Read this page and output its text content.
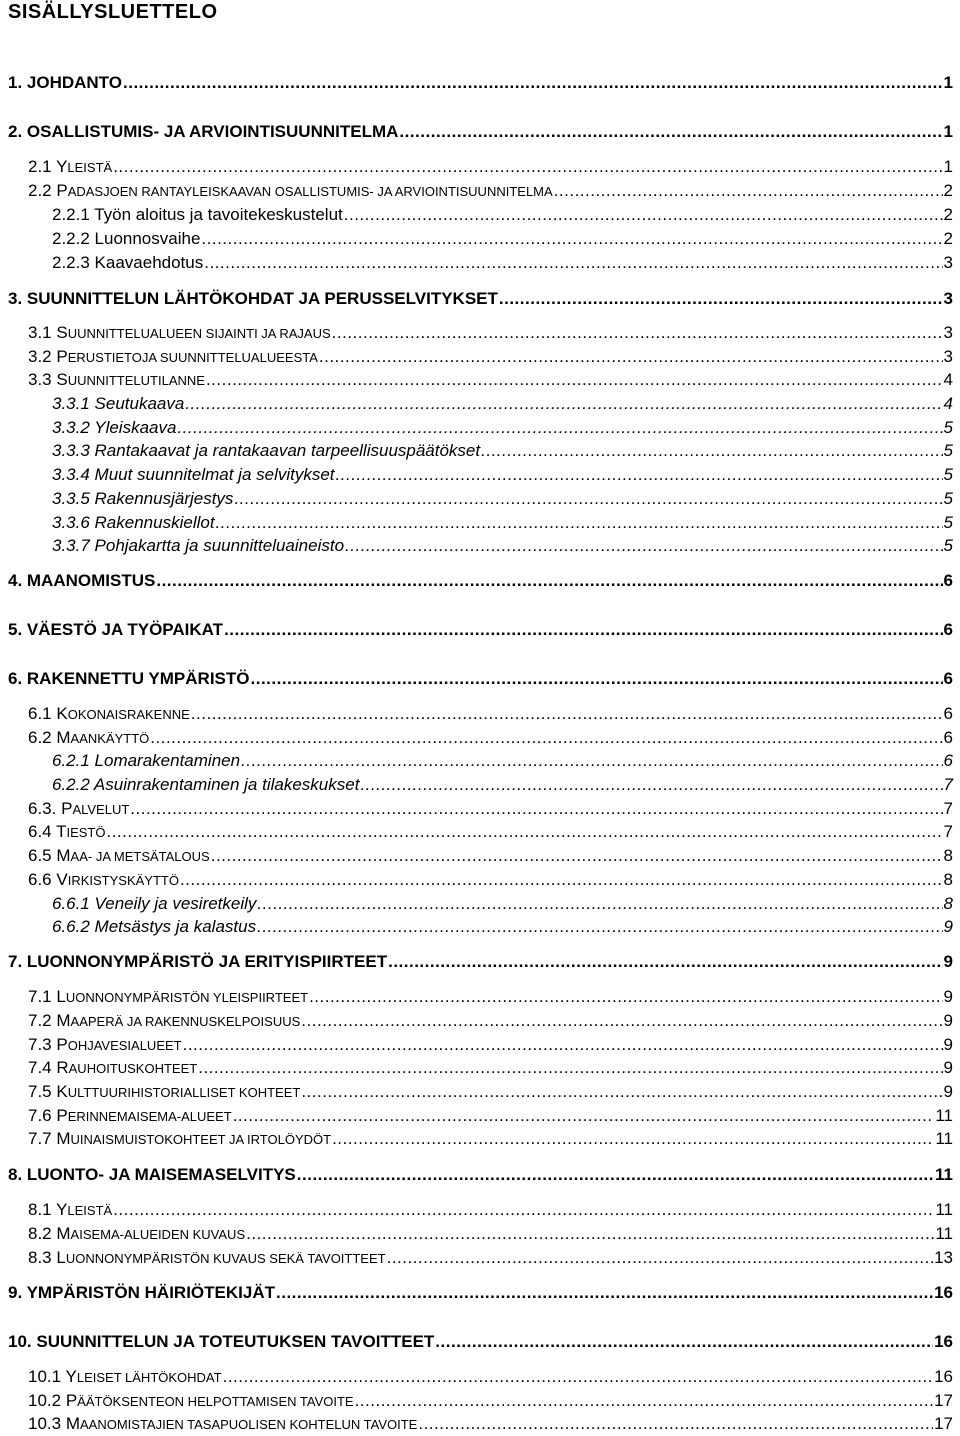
SISÄLLYSLUETTELO
1. JOHDANTO .....	1
2. OSALLISTUMIS- JA ARVIOINTISUUNNITELMA .....	1
2.1 YLEISTÄ .....	1
2.2 PADASJOEN RANTAYLEISKAAVAN OSALLISTUMIS- JA ARVIOINTISUUNNITELMA .....	2
2.2.1 Työn aloitus ja tavoitekeskustelut .....	2
2.2.2 Luonnosvaihe .....	2
2.2.3 Kaavaehdotus .....	3
3. SUUNNITTELUN LÄHTÖKOHDAT JA PERUSSELVITYKSET .....	3
3.1 SUUNNITTELUALUEEN SIJAINTI JA RAJAUS .....	3
3.2 PERUSTIETOJA SUUNNITTELUALUEESTA .....	3
3.3 SUUNNITTELUTILANNE .....	4
3.3.1 Seutukaava .....	4
3.3.2 Yleiskaava .....	5
3.3.3 Rantakaavat ja rantakaavan tarpeellisuuspäätökset .....	5
3.3.4 Muut suunnitelmat ja selvitykset .....	5
3.3.5 Rakennusjärjestys .....	5
3.3.6 Rakennuskiellot .....	5
3.3.7 Pohjakartta ja suunnitteluaineisto .....	5
4. MAANOMISTUS .....	6
5. VÄESTÖ JA TYÖPAIKAT .....	6
6. RAKENNETTU YMPÄRISTÖ .....	6
6.1 KOKONAISRAKENNE .....	6
6.2 MAANKÄYTTÖ .....	6
6.2.1 Lomarakentaminen .....	6
6.2.2 Asuinrakentaminen ja tilakeskukset .....	7
6.3. PALVELUT .....	7
6.4 TIESTÖ .....	7
6.5 MAA- JA METSÄTALOUS .....	8
6.6 VIRKISTYSKÄYTTÖ .....	8
6.6.1 Veneily ja vesiretkeily .....	8
6.6.2 Metsästys ja kalastus .....	9
7. LUONNONYMPÄRISTÖ JA ERITYISPIIRTEET .....	9
7.1 LUONNONYMPÄRISTÖN YLEISPIIRTEET .....	9
7.2 MAAPERÄ JA RAKENNUSKELPOISUUS .....	9
7.3 POHJAVESIALUEET .....	9
7.4 RAUHOITUSKOHTEET .....	9
7.5 KULTTUURIHISTORIALLISET KOHTEET .....	9
7.6 PERINNEMAISEMA-ALUEET .....	11
7.7 MUINAISMUISTOKOHTEET JA IRTOLÖYDÖT .....	11
8. LUONTO- JA MAISEMASELVITYS .....	11
8.1 YLEISTÄ .....	11
8.2 MAISEMA-ALUEIDEN KUVAUS .....	11
8.3 LUONNONYMPÄRISTÖN KUVAUS SEKÄ TAVOITTEET .....	13
9. YMPÄRISTÖN HÄIRIÖTEKIJÄT .....	16
10. SUUNNITTELUN JA TOTEUTUKSEN TAVOITTEET .....	16
10.1 YLEISET LÄHTÖKOHDAT .....	16
10.2 PÄÄTÖKSENTEON HELPOTTAMISEN TAVOITE .....	17
10.3 MAANOMISTAJIEN TASAPUOLISEN KOHTELUN TAVOITE .....	17
